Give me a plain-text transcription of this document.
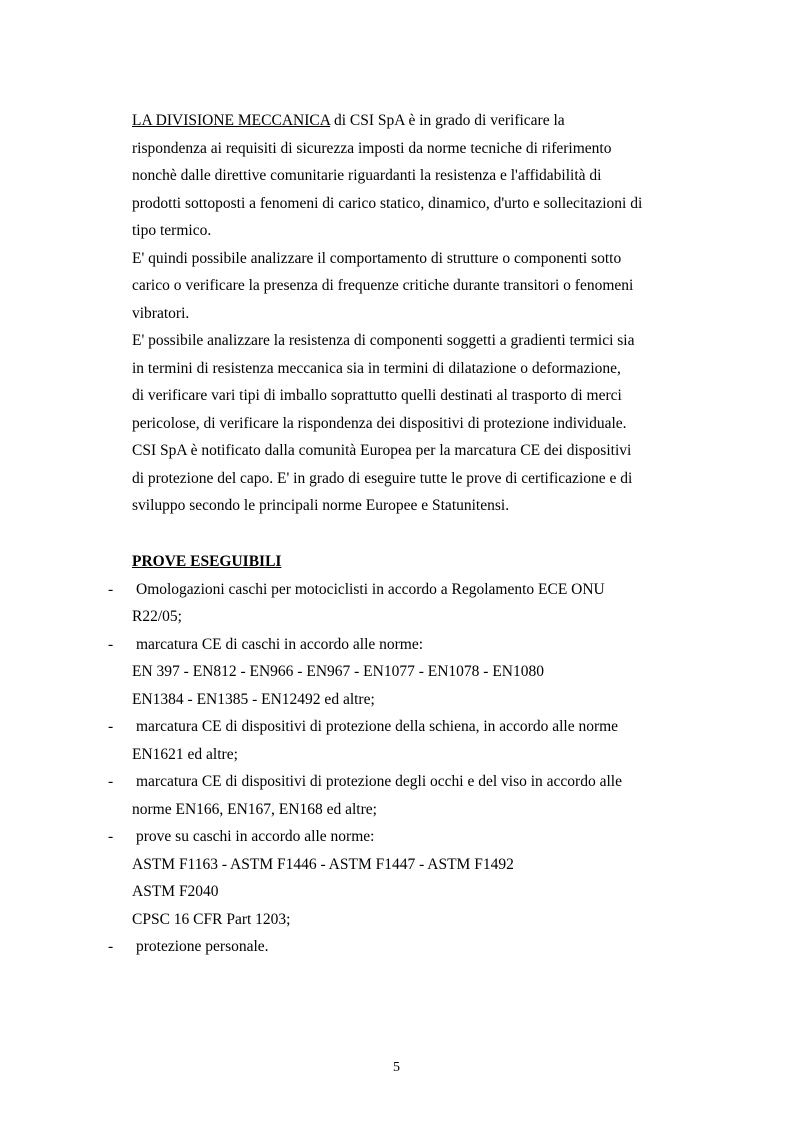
LA DIVISIONE MECCANICA di CSI SpA è in grado di verificare la
rispondenza ai requisiti di sicurezza imposti da norme tecniche di riferimento
nonchè dalle direttive comunitarie riguardanti la resistenza e l'affidabilità di
prodotti sottoposti a fenomeni di carico statico, dinamico, d'urto e sollecitazioni di
tipo termico.
E' quindi possibile analizzare il comportamento di strutture o componenti sotto
carico o verificare la presenza di frequenze critiche durante transitori o fenomeni
vibratori.
E' possibile analizzare la resistenza di componenti soggetti a gradienti termici sia
in termini di resistenza meccanica sia in termini di dilatazione o deformazione,
di verificare vari tipi di imballo soprattutto quelli destinati al trasporto di merci
pericolose, di verificare la rispondenza dei dispositivi di protezione individuale.
CSI SpA è notificato dalla comunità Europea per la marcatura CE dei dispositivi
di protezione del capo. E' in grado di eseguire tutte le prove di certificazione e di
sviluppo secondo le principali norme Europee e Statunitensi.
PROVE ESEGUIBILI
- Omologazioni caschi per motociclisti in accordo a Regolamento ECE ONU
R22/05;
- marcatura CE di caschi in accordo alle norme:
EN 397 - EN812 - EN966 - EN967 - EN1077 - EN1078 - EN1080
EN1384 - EN1385 - EN12492 ed altre;
- marcatura CE di dispositivi di protezione della schiena, in accordo alle norme
EN1621 ed altre;
- marcatura CE di dispositivi di protezione degli occhi e del viso in accordo alle
norme EN166, EN167, EN168 ed altre;
- prove su caschi in accordo alle norme:
ASTM F1163 - ASTM F1446 - ASTM F1447 - ASTM F1492
ASTM F2040
CPSC 16 CFR Part 1203;
- protezione personale.
5
